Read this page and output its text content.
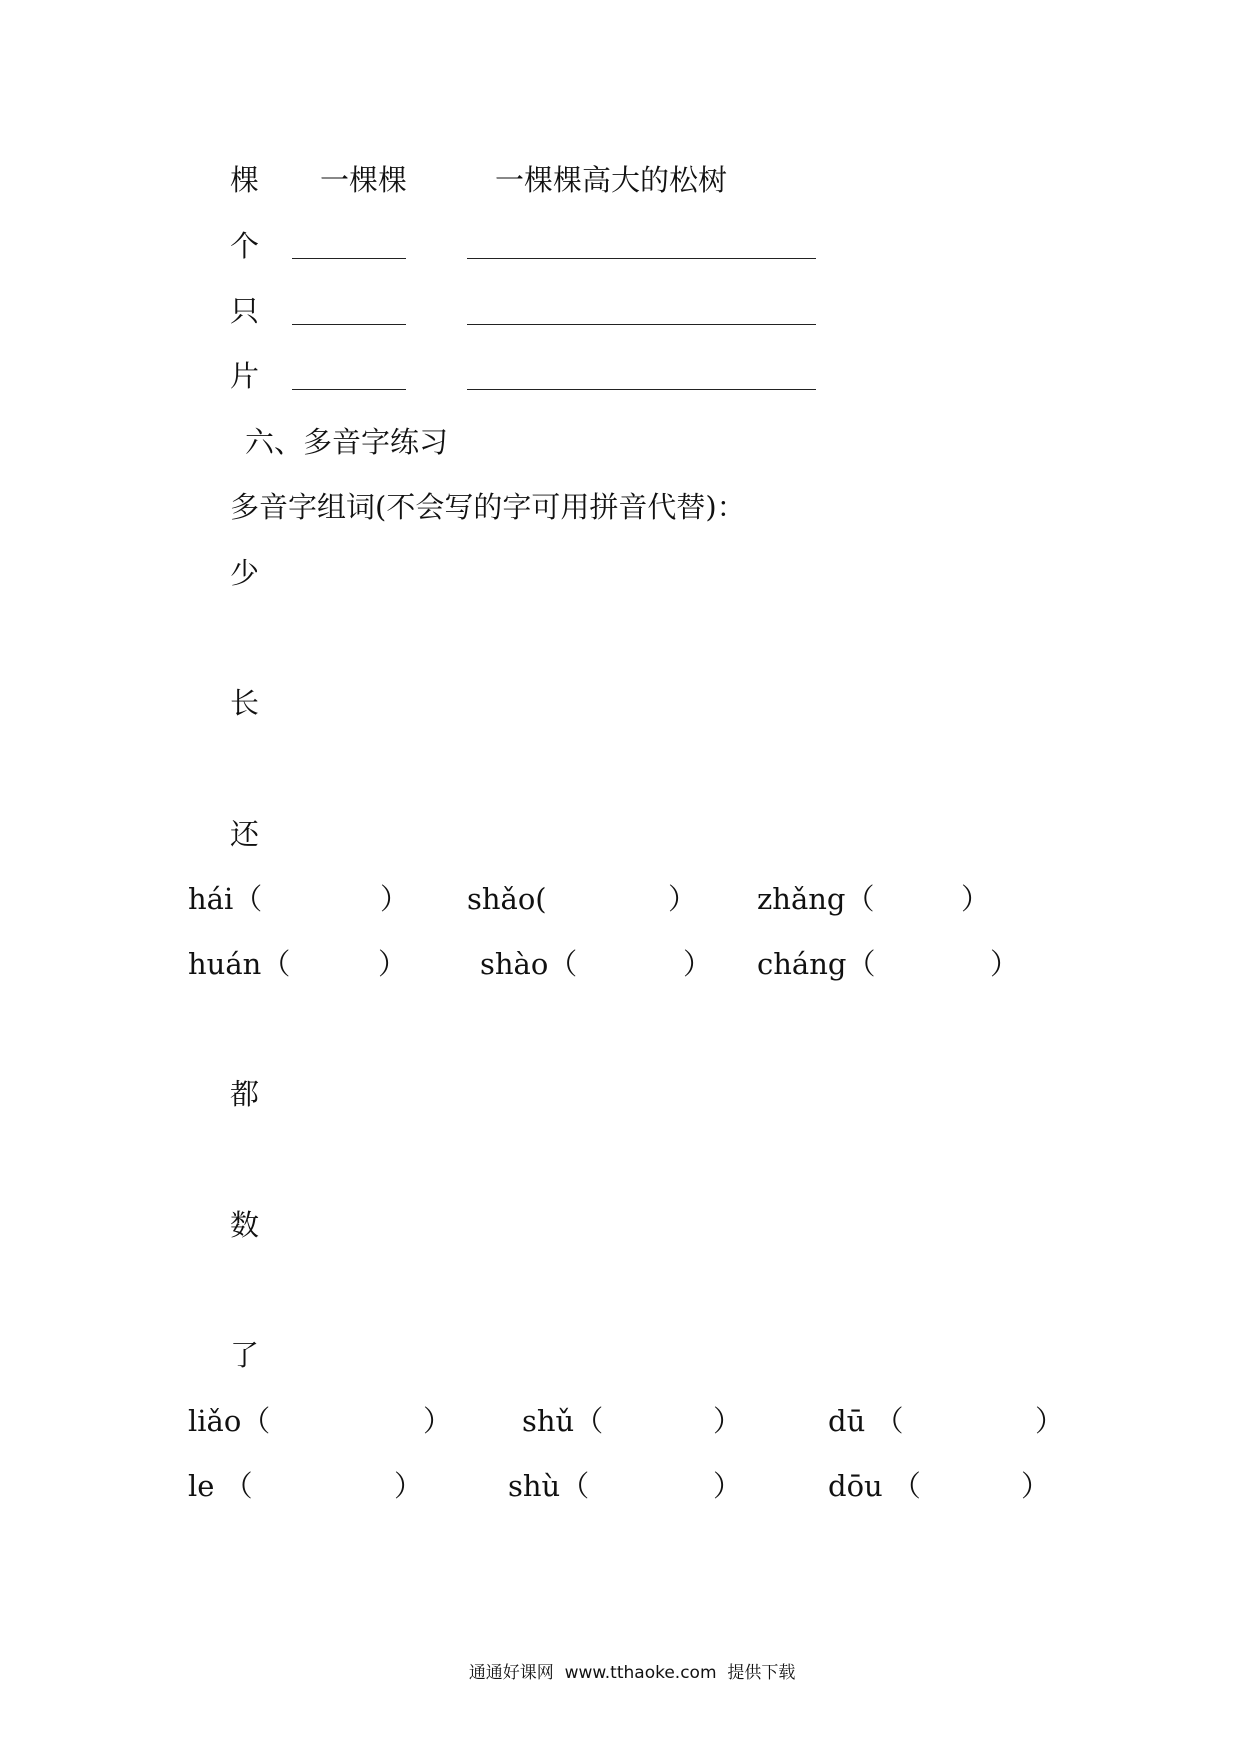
棵 一棵棵	一棵棵高大的松树
个
只
片
六、多音字练习
多音字组词(不会写的字可用拼音代替)：
少
长
还
hái（	） shǎo(	） zhǎng（	）
huán（	）	shào（	） cháng（	）
都
数
了
liǎo（	） shǔ（	）	dū （	）
le （	）	shù（	）	dōu （	）

通通好课网 www.tthaoke.com 提供下载
